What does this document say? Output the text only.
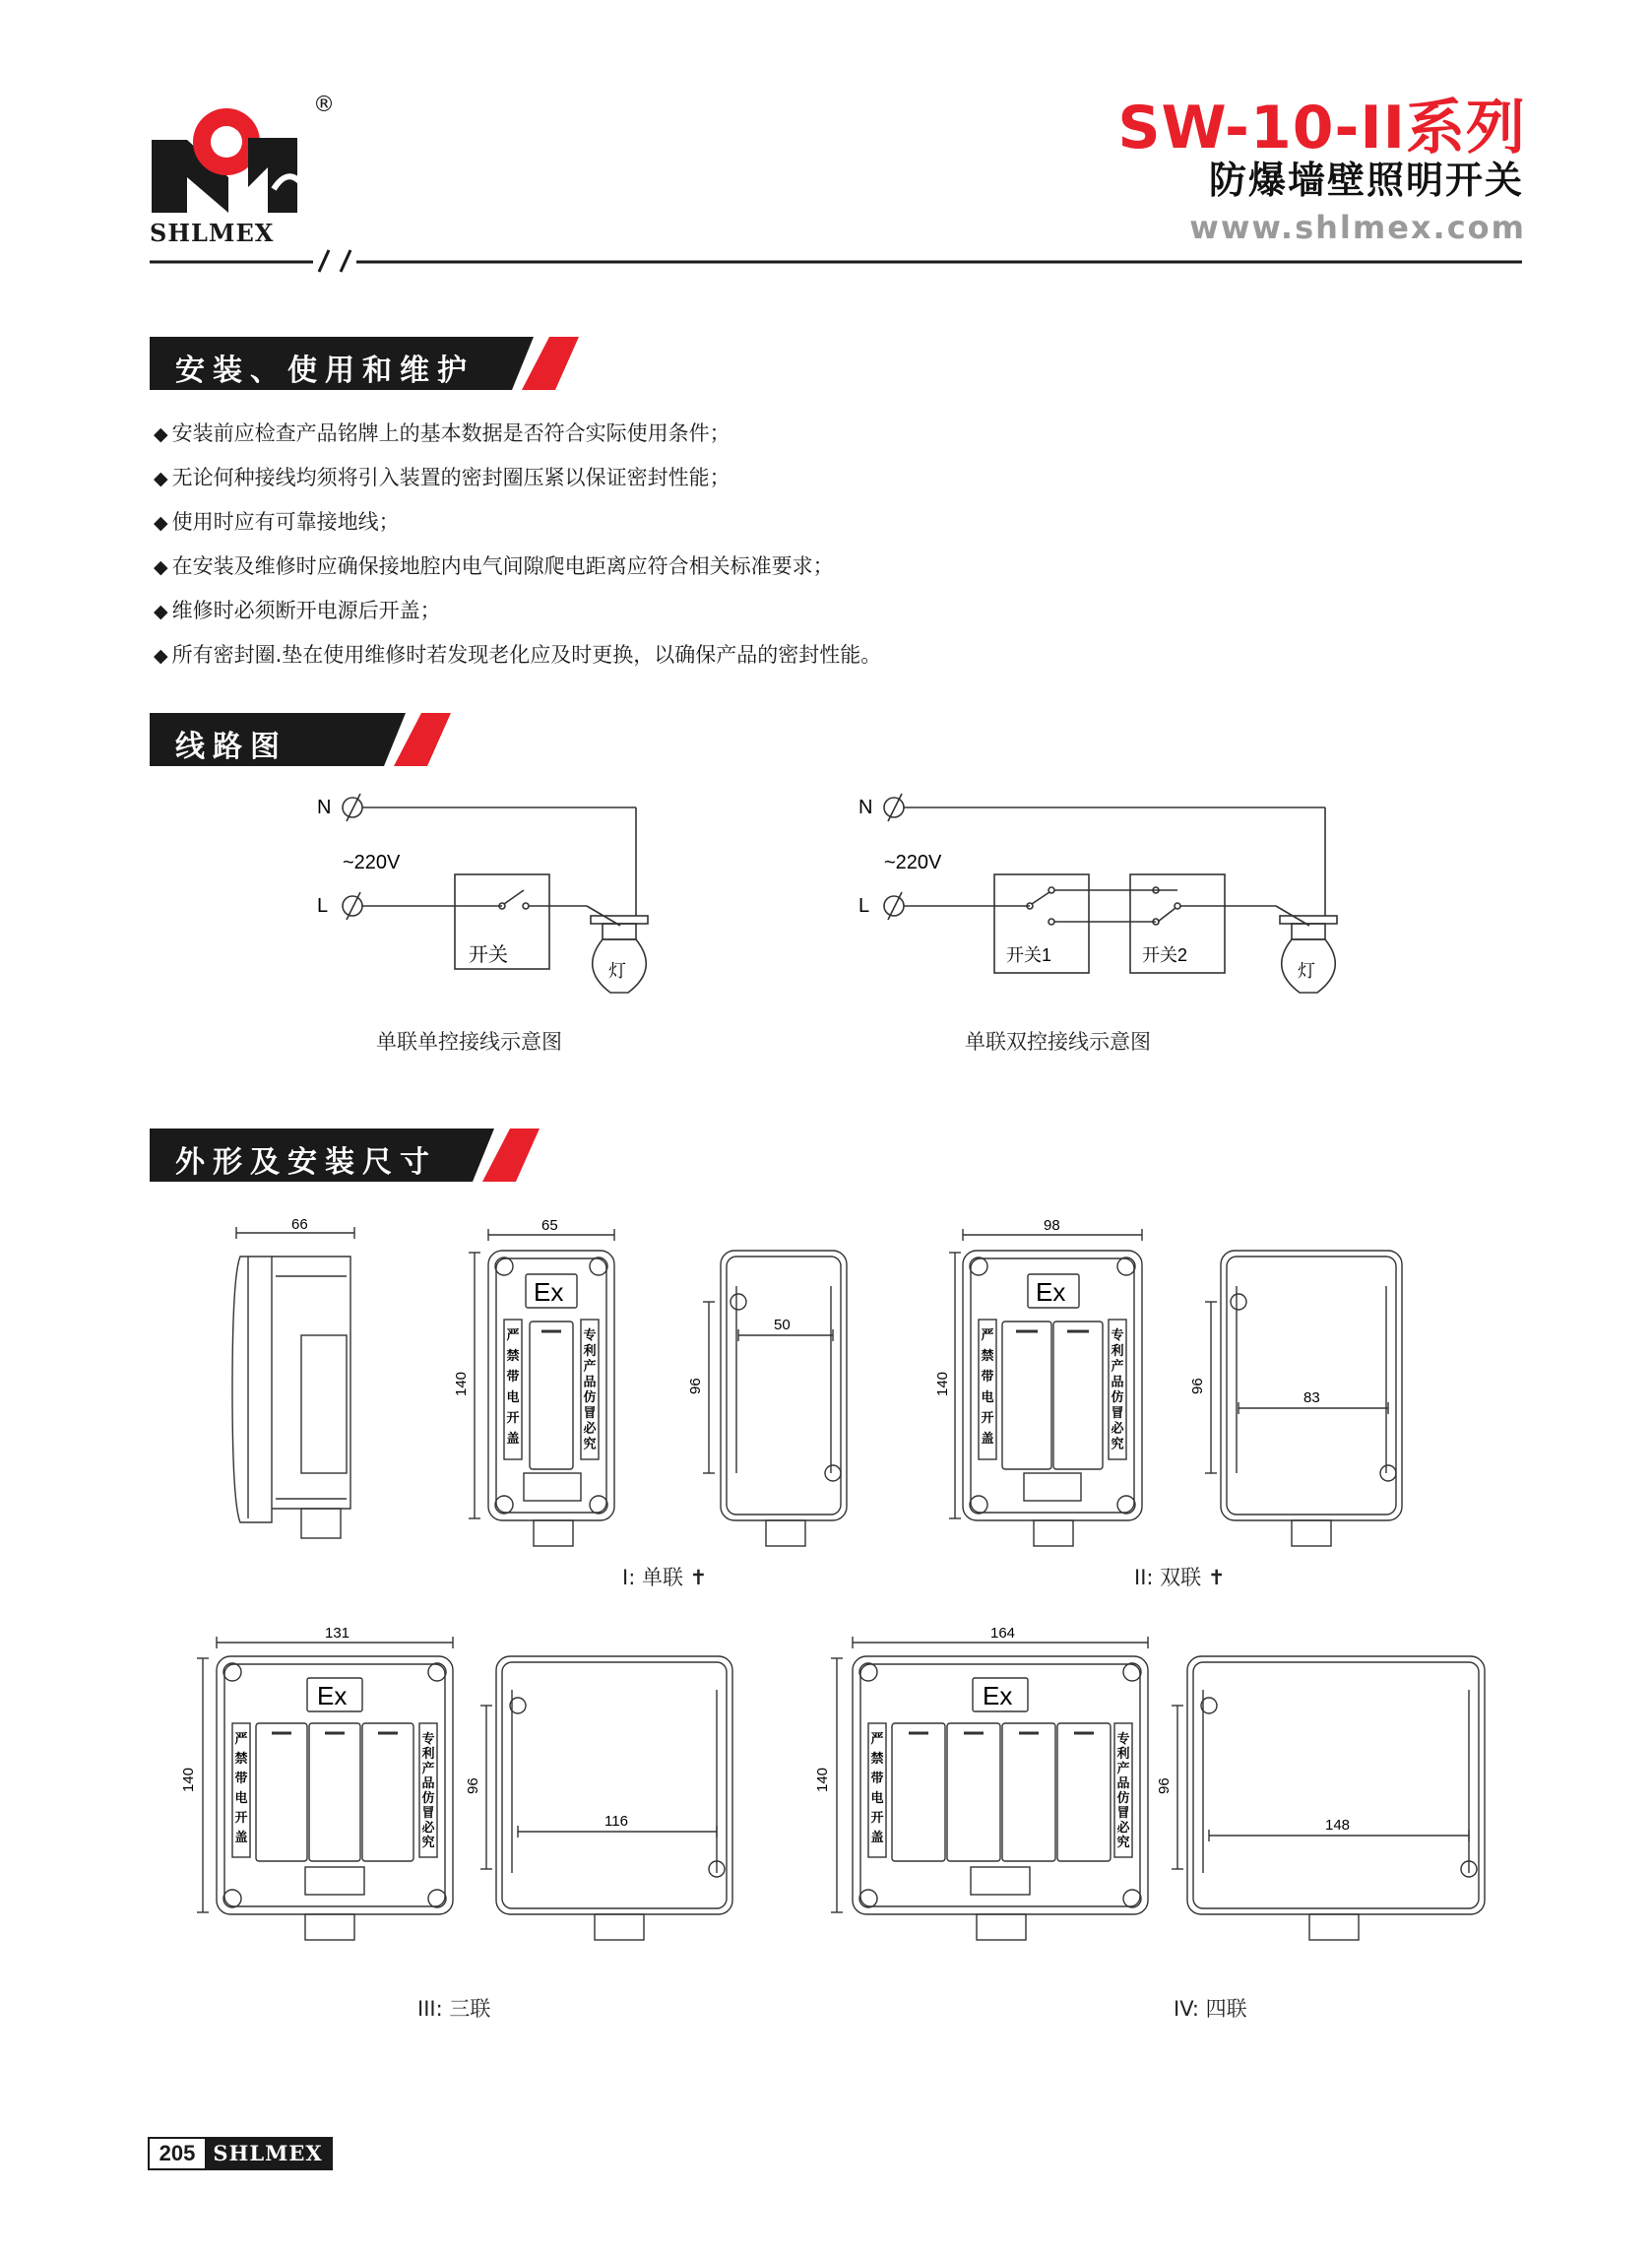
®
SHLMEX
SW-10-II系列
防爆墙壁照明开关
www.shlmex.com
安装、使用和维护
◆ 安装前应检查产品铭牌上的基本数据是否符合实际使用条件；
◆ 无论何种接线均须将引入装置的密封圈压紧以保证密封性能；
◆ 使用时应有可靠接地线；
◆ 在安装及维修时应确保接地腔内电气间隙爬电距离应符合相关标准要求；
◆ 维修时必须断开电源后开盖；
◆ 所有密封圈.垫在使用维修时若发现老化应及时更换，以确保产品的密封性能。
线路图
N
L
~220V
开关
灯
单联单控接线示意图
N
L
~220V
开关1	开关2
灯
单联双控接线示意图
外形及安装尺寸
66
Ex
65
140
严禁带电开盖
专利产品仿冒必究
50
96
Ex
98
140
严禁带电开盖
专利产品仿冒必究
83
96
I: 单联 ✝	II: 双联 ✝
Ex
131
140
严禁带电开盖
专利产品仿冒必究
116
96
Ex
164
140
严禁带电开盖
专利产品仿冒必究
148
96
III: 三联	IV: 四联
205 SHLMEX
